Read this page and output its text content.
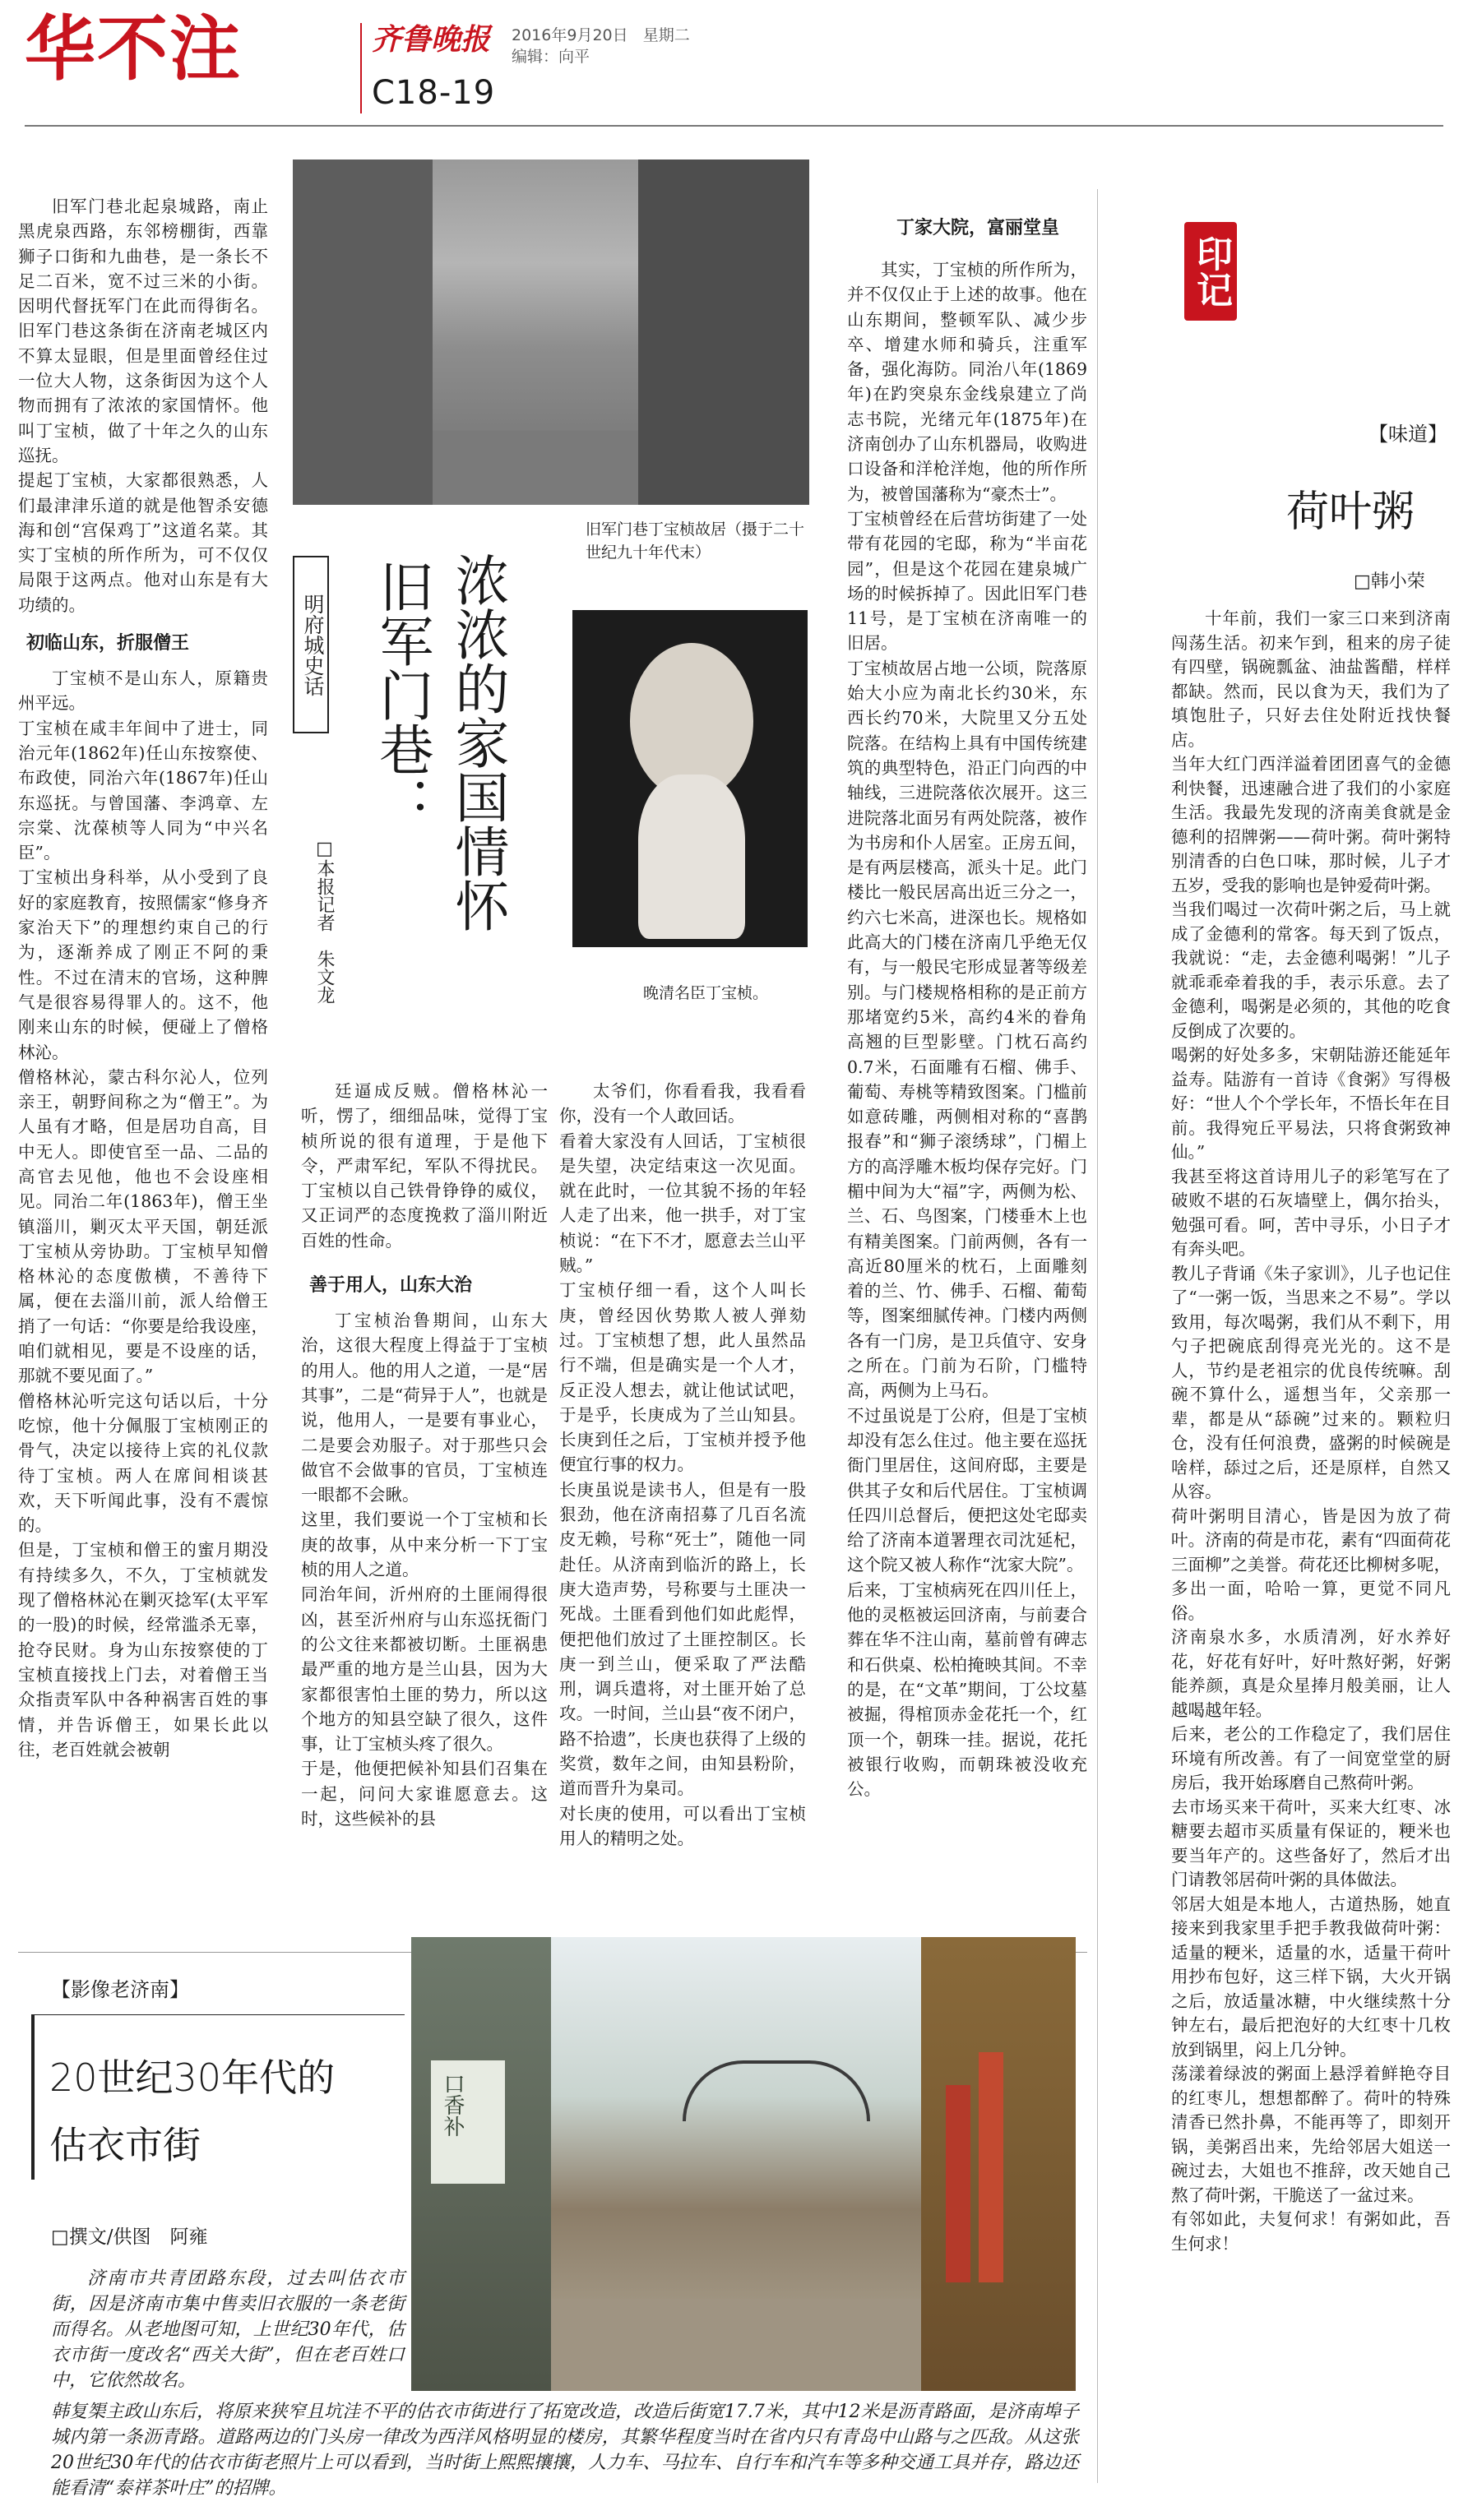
华不注	齐鲁晚报 2016年9月20日 星期二
编辑：向平
C18-19
旧军门巷丁宝桢故居（摄于二十世纪九十年代末）
晚清名臣丁宝桢。
明府城史话 浓浓的家国情怀
旧军门巷：
□本报记者　朱文龙

旧军门巷北起泉城路，南止黑虎泉西路，东邻榜棚街，西靠狮子口街和九曲巷，是一条长不足二百米，宽不过三米的小街。因明代督抚军门在此而得街名。旧军门巷这条街在济南老城区内不算太显眼，但是里面曾经住过一位大人物，这条街因为这个人物而拥有了浓浓的家国情怀。他叫丁宝桢，做了十年之久的山东巡抚。
提起丁宝桢，大家都很熟悉，人们最津津乐道的就是他智杀安德海和创“宫保鸡丁”这道名菜。其实丁宝桢的所作所为，可不仅仅局限于这两点。他对山东是有大功绩的。

初临山东，折服僧王

丁宝桢不是山东人，原籍贵州平远。
丁宝桢在咸丰年间中了进士，同治元年(1862年)任山东按察使、布政使，同治六年(1867年)任山东巡抚。与曾国藩、李鸿章、左宗棠、沈葆桢等人同为“中兴名臣”。
丁宝桢出身科举，从小受到了良好的家庭教育，按照儒家“修身齐家治天下”的理想约束自己的行为，逐渐养成了刚正不阿的秉性。不过在清末的官场，这种脾气是很容易得罪人的。这不，他刚来山东的时候，便碰上了僧格林沁。
僧格林沁，蒙古科尔沁人，位列亲王，朝野间称之为“僧王”。为人虽有才略，但是居功自高，目中无人。即使官至一品、二品的高官去见他，他也不会设座相见。同治二年(1863年)，僧王坐镇淄川，剿灭太平天国，朝廷派丁宝桢从旁协助。丁宝桢早知僧格林沁的态度傲横，不善待下属，便在去淄川前，派人给僧王捎了一句话：“你要是给我设座，咱们就相见，要是不设座的话，那就不要见面了。”
僧格林沁听完这句话以后，十分吃惊，他十分佩服丁宝桢刚正的骨气，决定以接待上宾的礼仪款待丁宝桢。两人在席间相谈甚欢，天下听闻此事，没有不震惊的。
但是，丁宝桢和僧王的蜜月期没有持续多久，不久，丁宝桢就发现了僧格林沁在剿灭捻军(太平军的一股)的时候，经常滥杀无辜，抢夺民财。身为山东按察使的丁宝桢直接找上门去，对着僧王当众指责军队中各种祸害百姓的事情，并告诉僧王，如果长此以往，老百姓就会被朝

廷逼成反贼。僧格林沁一听，愣了，细细品味，觉得丁宝桢所说的很有道理，于是他下令，严肃军纪，军队不得扰民。丁宝桢以自己铁骨铮铮的威仪，又正词严的态度挽救了淄川附近百姓的性命。

善于用人，山东大治

丁宝桢治鲁期间，山东大治，这很大程度上得益于丁宝桢的用人。他的用人之道，一是“居其事”，二是“荷异于人”，也就是说，他用人，一是要有事业心，二是要会劝服子。对于那些只会做官不会做事的官员，丁宝桢连一眼都不会瞅。
这里，我们要说一个丁宝桢和长庚的故事，从中来分析一下丁宝桢的用人之道。
同治年间，沂州府的土匪闹得很凶，甚至沂州府与山东巡抚衙门的公文往来都被切断。土匪祸患最严重的地方是兰山县，因为大家都很害怕土匪的势力，所以这个地方的知县空缺了很久，这件事，让丁宝桢头疼了很久。
于是，他便把候补知县们召集在一起，问问大家谁愿意去。这时，这些候补的县

太爷们，你看看我，我看看你，没有一个人敢回话。
看着大家没有人回话，丁宝桢很是失望，决定结束这一次见面。就在此时，一位其貌不扬的年轻人走了出来，他一拱手，对丁宝桢说：“在下不才，愿意去兰山平贼。”
丁宝桢仔细一看，这个人叫长庚，曾经因伙势欺人被人弹劾过。丁宝桢想了想，此人虽然品行不端，但是确实是一个人才，反正没人想去，就让他试试吧，于是乎，长庚成为了兰山知县。长庚到任之后，丁宝桢并授予他便宜行事的权力。
长庚虽说是读书人，但是有一股狠劲，他在济南招募了几百名流皮无赖，号称“死士”，随他一同赴任。从济南到临沂的路上，长庚大造声势，号称要与土匪决一死战。土匪看到他们如此彪悍，便把他们放过了土匪控制区。长庚一到兰山，便采取了严法酷刑，调兵遣将，对土匪开始了总攻。一时间，兰山县“夜不闭户，路不拾遗”，长庚也获得了上级的奖赏，数年之间，由知县粉阶，道而晋升为臬司。
对长庚的使用，可以看出丁宝桢用人的精明之处。

丁家大院，富丽堂皇

其实，丁宝桢的所作所为，并不仅仅止于上述的故事。他在山东期间，整顿军队、减少步卒、增建水师和骑兵，注重军备，强化海防。同治八年(1869年)在趵突泉东金线泉建立了尚志书院，光绪元年(1875年)在济南创办了山东机器局，收购进口设备和洋枪洋炮，他的所作所为，被曾国藩称为“豪杰士”。
丁宝桢曾经在后营坊街建了一处带有花园的宅邸，称为“半亩花园”，但是这个花园在建泉城广场的时候拆掉了。因此旧军门巷11号，是丁宝桢在济南唯一的旧居。
丁宝桢故居占地一公顷，院落原始大小应为南北长约30米，东西长约70米，大院里又分五处院落。在结构上具有中国传统建筑的典型特色，沿正门向西的中轴线，三进院落依次展开。这三进院落北面另有两处院落，被作为书房和仆人居室。正房五间，是有两层楼高，派头十足。此门楼比一般民居高出近三分之一，约六七米高，进深也长。规格如此高大的门楼在济南几乎绝无仅有，与一般民宅形成显著等级差别。与门楼规格相称的是正前方那堵宽约5米，高约4米的眷角高翘的巨型影壁。门枕石高约0.7米，石面雕有石榴、佛手、葡萄、寿桃等精致图案。门槛前如意砖雕，两侧相对称的“喜鹊报春”和“狮子滚绣球”，门楣上方的高浮雕木板均保存完好。门楣中间为大“福”字，两侧为松、兰、石、鸟图案，门楼垂木上也有精美图案。门前两侧，各有一高近80厘米的枕石，上面雕刻着的兰、竹、佛手、石榴、葡萄等，图案细腻传神。门楼内两侧各有一门房，是卫兵值守、安身之所在。门前为石阶，门槛特高，两侧为上马石。
不过虽说是丁公府，但是丁宝桢却没有怎么住过。他主要在巡抚衙门里居住，这间府邸，主要是供其子女和后代居住。丁宝桢调任四川总督后，便把这处宅邸卖给了济南本道署理衣司沈延杞，这个院又被人称作“沈家大院”。
后来，丁宝桢病死在四川任上，他的灵柩被运回济南，与前妻合葬在华不注山南，墓前曾有碑志和石供桌、松柏掩映其间。不幸的是，在“文革”期间，丁公坟墓被掘，得棺顶赤金花托一个，红顶一个，朝珠一挂。据说，花托被银行收购，而朝珠被没收充公。

印记
【味道】
荷叶粥
□韩小荣

十年前，我们一家三口来到济南闯荡生活。初来乍到，租来的房子徒有四壁，锅碗瓢盆、油盐酱醋，样样都缺。然而，民以食为天，我们为了填饱肚子，只好去住处附近找快餐店。
当年大红门西洋溢着团团喜气的金德利快餐，迅速融合进了我们的小家庭生活。我最先发现的济南美食就是金德利的招牌粥——荷叶粥。荷叶粥特别清香的白色口味，那时候，儿子才五岁，受我的影响也是钟爱荷叶粥。
当我们喝过一次荷叶粥之后，马上就成了金德利的常客。每天到了饭点，我就说：“走，去金德利喝粥！”儿子就乖乖牵着我的手，表示乐意。去了金德利，喝粥是必须的，其他的吃食反倒成了次要的。
喝粥的好处多多，宋朝陆游还能延年益寿。陆游有一首诗《食粥》写得极好：“世人个个学长年，不悟长年在目前。我得宛丘平易法，只将食粥致神仙。”
我甚至将这首诗用儿子的彩笔写在了破败不堪的石灰墙壁上，偶尔抬头，勉强可看。呵，苦中寻乐，小日子才有奔头吧。
教儿子背诵《朱子家训》，儿子也记住了“一粥一饭，当思来之不易”。学以致用，每次喝粥，我们从不剩下，用勺子把碗底刮得亮光光的。这不是人，节约是老祖宗的优良传统嘛。刮碗不算什么，遥想当年，父亲那一辈，都是从“舔碗”过来的。颗粒归仓，没有任何浪费，盛粥的时候碗是啥样，舔过之后，还是原样，自然又从容。
荷叶粥明目清心，皆是因为放了荷叶。济南的荷是市花，素有“四面荷花三面柳”之美誉。荷花还比柳树多呢，多出一面，哈哈一算，更觉不同凡俗。
济南泉水多，水质清冽，好水养好花，好花有好叶，好叶熬好粥，好粥能养颜，真是众星捧月般美丽，让人越喝越年轻。
后来，老公的工作稳定了，我们居住环境有所改善。有了一间宽堂堂的厨房后，我开始琢磨自己熬荷叶粥。
去市场买来干荷叶，买来大红枣、冰糖要去超市买质量有保证的，粳米也要当年产的。这些备好了，然后才出门请教邻居荷叶粥的具体做法。
邻居大姐是本地人，古道热肠，她直接来到我家里手把手教我做荷叶粥：适量的粳米，适量的水，适量干荷叶用抄布包好，这三样下锅，大火开锅之后，放适量冰糖，中火继续熬十分钟左右，最后把泡好的大红枣十几枚放到锅里，闷上几分钟。
荡漾着绿波的粥面上悬浮着鲜艳夺目的红枣儿，想想都醉了。荷叶的特殊清香已然扑鼻，不能再等了，即刻开锅，美粥舀出来，先给邻居大姐送一碗过去，大姐也不推辞，改天她自己熬了荷叶粥，干脆送了一盆过来。
有邻如此，夫复何求！有粥如此，吾生何求！

【影像老济南】
20世纪30年代的
估衣市街
□撰文/供图　阿雍

济南市共青团路东段，过去叫估衣市街，因是济南市集中售卖旧衣服的一条老街而得名。从老地图可知，上世纪30年代，估衣市街一度改名“西关大街”，但在老百姓口中，它依然故名。

口香补

韩复榘主政山东后，将原来狭窄且坑洼不平的估衣市街进行了拓宽改造，改造后街宽17.7米，其中12米是沥青路面，是济南埠子城内第一条沥青路。道路两边的门头房一律改为西洋风格明显的楼房，其繁华程度当时在省内只有青岛中山路与之匹敌。从这张20世纪30年代的估衣市街老照片上可以看到，当时街上熙熙攘攘，人力车、马拉车、自行车和汽车等多种交通工具并存，路边还能看清“泰祥茶叶庄”的招牌。
